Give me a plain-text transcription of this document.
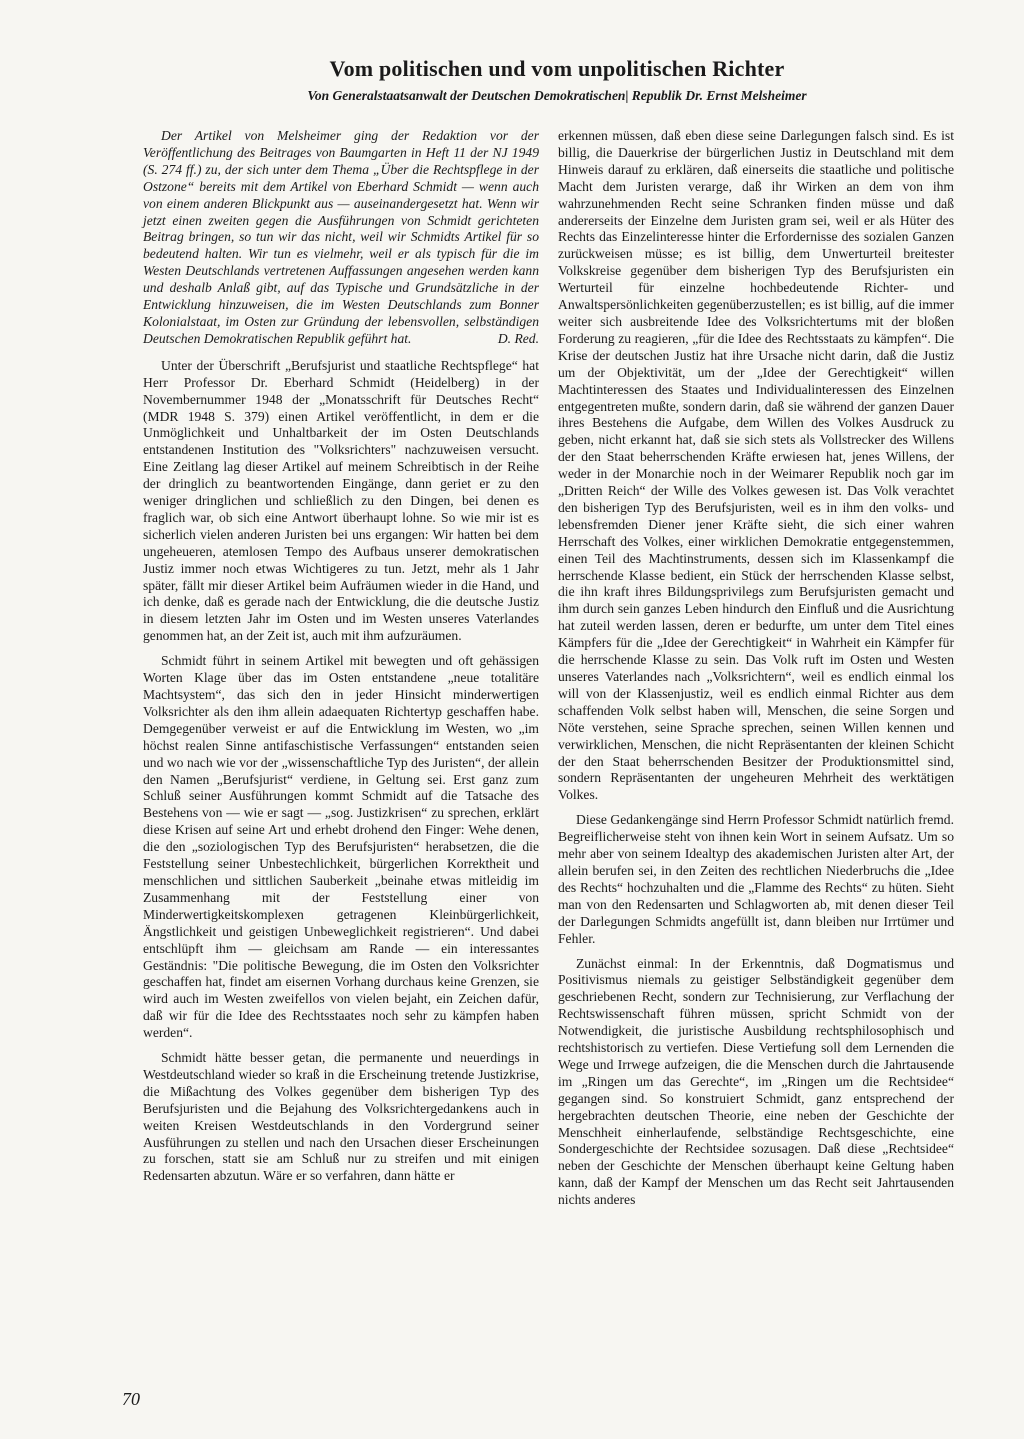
Vom politischen und vom unpolitischen Richter
Von Generalstaatsanwalt der Deutschen Demokratischen| Republik Dr. Ernst Melsheimer

Der Artikel von Melsheimer ging der Redaktion vor der Veröffentlichung des Beitrages von Baumgarten in Heft 11 der NJ 1949 (S. 274 ff.) zu, der sich unter dem Thema „Über die Rechtspflege in der Ostzone“ bereits mit dem Artikel von Eberhard Schmidt — wenn auch von einem anderen Blickpunkt aus — auseinandergesetzt hat. Wenn wir jetzt einen zweiten gegen die Ausführungen von Schmidt gerichteten Beitrag bringen, so tun wir das nicht, weil wir Schmidts Artikel für so bedeutend halten. Wir tun es vielmehr, weil er als typisch für die im Westen Deutschlands vertretenen Auffassungen angesehen werden kann und deshalb Anlaß gibt, auf das Typische und Grundsätzliche in der Entwicklung hinzuweisen, die im Westen Deutschlands zum Bonner Kolonialstaat, im Osten zur Gründung der lebensvollen, selbständigen Deutschen Demokratischen Republik geführt hat.	D. Red.

Unter der Überschrift „Berufsjurist und staatliche Rechtspflege“ hat Herr Professor Dr. Eberhard Schmidt (Heidelberg) in der Novembernummer 1948 der „Monatsschrift für Deutsches Recht“ (MDR 1948 S. 379) einen Artikel veröffentlicht, in dem er die Unmöglichkeit und Unhaltbarkeit der im Osten Deutschlands entstandenen Institution des "Volksrichters" nachzuweisen versucht. Eine Zeitlang lag dieser Artikel auf meinem Schreibtisch in der Reihe der dringlich zu beantwortenden Eingänge, dann geriet er zu den weniger dringlichen und schließlich zu den Dingen, bei denen es fraglich war, ob sich eine Antwort überhaupt lohne. So wie mir ist es sicherlich vielen anderen Juristen bei uns ergangen: Wir hatten bei dem ungeheueren, atemlosen Tempo des Aufbaus unserer demokratischen Justiz immer noch etwas Wichtigeres zu tun. Jetzt, mehr als 1 Jahr später, fällt mir dieser Artikel beim Aufräumen wieder in die Hand, und ich denke, daß es gerade nach der Entwicklung, die die deutsche Justiz in diesem letzten Jahr im Osten und im Westen unseres Vaterlandes genommen hat, an der Zeit ist, auch mit ihm aufzuräumen.

Schmidt führt in seinem Artikel mit bewegten und oft gehässigen Worten Klage über das im Osten entstandene „neue totalitäre Machtsystem“, das sich den in jeder Hinsicht minderwertigen Volksrichter als den ihm allein adaequaten Richtertyp geschaffen habe. Demgegenüber verweist er auf die Entwicklung im Westen, wo „im höchst realen Sinne antifaschistische Verfassungen“ entstanden seien und wo nach wie vor der „wissenschaftliche Typ des Juristen“, der allein den Namen „Berufsjurist“ verdiene, in Geltung sei. Erst ganz zum Schluß seiner Ausführungen kommt Schmidt auf die Tatsache des Bestehens von — wie er sagt — „sog. Justizkrisen“ zu sprechen, erklärt diese Krisen auf seine Art und erhebt drohend den Finger: Wehe denen, die den „soziologischen Typ des Berufsjuristen“ herabsetzen, die die Feststellung seiner Unbestechlichkeit, bürgerlichen Korrektheit und menschlichen und sittlichen Sauberkeit „beinahe etwas mitleidig im Zusammenhang mit der Feststellung einer von Minderwertigkeitskomplexen getragenen Kleinbürgerlichkeit, Ängstlichkeit und geistigen Unbeweglichkeit registrieren“. Und dabei entschlüpft ihm — gleichsam am Rande — ein interessantes Geständnis: "Die politische Bewegung, die im Osten den Volksrichter geschaffen hat, findet am eisernen Vorhang durchaus keine Grenzen, sie wird auch im Westen zweifellos von vielen bejaht, ein Zeichen dafür, daß wir für die Idee des Rechtsstaates noch sehr zu kämpfen haben werden“.

Schmidt hätte besser getan, die permanente und neuerdings in Westdeutschland wieder so kraß in die Erscheinung tretende Justizkrise, die Mißachtung des Volkes gegenüber dem bisherigen Typ des Berufsjuristen und die Bejahung des Volksrichtergedankens auch in weiten Kreisen Westdeutschlands in den Vordergrund seiner Ausführungen zu stellen und nach den Ursachen dieser Erscheinungen zu forschen, statt sie am Schluß nur zu streifen und mit einigen Redensarten abzutun. Wäre er so verfahren, dann hätte er

erkennen müssen, daß eben diese seine Darlegungen falsch sind. Es ist billig, die Dauerkrise der bürgerlichen Justiz in Deutschland mit dem Hinweis darauf zu erklären, daß einerseits die staatliche und politische Macht dem Juristen verarge, daß ihr Wirken an dem von ihm wahrzunehmenden Recht seine Schranken finden müsse und daß andererseits der Einzelne dem Juristen gram sei, weil er als Hüter des Rechts das Einzelinteresse hinter die Erfordernisse des sozialen Ganzen zurückweisen müsse; es ist billig, dem Unwerturteil breitester Volkskreise gegenüber dem bisherigen Typ des Berufsjuristen ein Werturteil für einzelne hochbedeutende Richter- und Anwaltspersönlichkeiten gegenüberzustellen; es ist billig, auf die immer weiter sich ausbreitende Idee des Volksrichtertums mit der bloßen Forderung zu reagieren, „für die Idee des Rechtsstaats zu kämpfen“. Die Krise der deutschen Justiz hat ihre Ursache nicht darin, daß die Justiz um der Objektivität, um der „Idee der Gerechtigkeit“ willen Machtinteressen des Staates und Individualinteressen des Einzelnen entgegentreten mußte, sondern darin, daß sie während der ganzen Dauer ihres Bestehens die Aufgabe, dem Willen des Volkes Ausdruck zu geben, nicht erkannt hat, daß sie sich stets als Vollstrecker des Willens der den Staat beherrschenden Kräfte erwiesen hat, jenes Willens, der weder in der Monarchie noch in der Weimarer Republik noch gar im „Dritten Reich“ der Wille des Volkes gewesen ist. Das Volk verachtet den bisherigen Typ des Berufsjuristen, weil es in ihm den volks- und lebensfremden Diener jener Kräfte sieht, die sich einer wahren Herrschaft des Volkes, einer wirklichen Demokratie entgegenstemmen, einen Teil des Machtinstruments, dessen sich im Klassenkampf die herrschende Klasse bedient, ein Stück der herrschenden Klasse selbst, die ihn kraft ihres Bildungsprivilegs zum Berufsjuristen gemacht und ihm durch sein ganzes Leben hindurch den Einfluß und die Ausrichtung hat zuteil werden lassen, deren er bedurfte, um unter dem Titel eines Kämpfers für die „Idee der Gerechtigkeit“ in Wahrheit ein Kämpfer für die herrschende Klasse zu sein. Das Volk ruft im Osten und Westen unseres Vaterlandes nach „Volksrichtern“, weil es endlich einmal los will von der Klassenjustiz, weil es endlich einmal Richter aus dem schaffenden Volk selbst haben will, Menschen, die seine Sorgen und Nöte verstehen, seine Sprache sprechen, seinen Willen kennen und verwirklichen, Menschen, die nicht Repräsentanten der kleinen Schicht der den Staat beherrschenden Besitzer der Produktionsmittel sind, sondern Repräsentanten der ungeheuren Mehrheit des werktätigen Volkes.

Diese Gedankengänge sind Herrn Professor Schmidt natürlich fremd. Begreiflicherweise steht von ihnen kein Wort in seinem Aufsatz. Um so mehr aber von seinem Idealtyp des akademischen Juristen alter Art, der allein berufen sei, in den Zeiten des rechtlichen Niederbruchs die „Idee des Rechts“ hochzuhalten und die „Flamme des Rechts“ zu hüten. Sieht man von den Redensarten und Schlagworten ab, mit denen dieser Teil der Darlegungen Schmidts angefüllt ist, dann bleiben nur Irrtümer und Fehler.

Zunächst einmal: In der Erkenntnis, daß Dogmatismus und Positivismus niemals zu geistiger Selbständigkeit gegenüber dem geschriebenen Recht, sondern zur Technisierung, zur Verflachung der Rechtswissenschaft führen müssen, spricht Schmidt von der Notwendigkeit, die juristische Ausbildung rechtsphilosophisch und rechtshistorisch zu vertiefen. Diese Vertiefung soll dem Lernenden die Wege und Irrwege aufzeigen, die die Menschen durch die Jahrtausende im „Ringen um das Gerechte“, im „Ringen um die Rechtsidee“ gegangen sind. So konstruiert Schmidt, ganz entsprechend der hergebrachten deutschen Theorie, eine neben der Geschichte der Menschheit einherlaufende, selbständige Rechtsgeschichte, eine Sondergeschichte der Rechtsidee sozusagen. Daß diese „Rechtsidee“ neben der Geschichte der Menschen überhaupt keine Geltung haben kann, daß der Kampf der Menschen um das Recht seit Jahrtausenden nichts anderes

70
